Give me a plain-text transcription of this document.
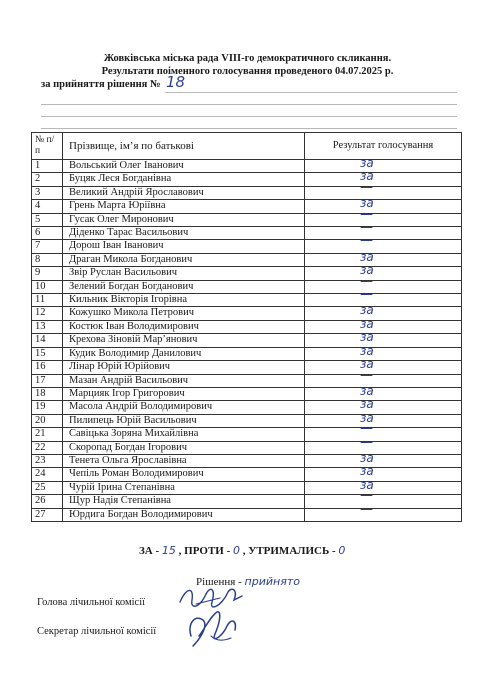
Жовківська міська рада VIII-го демократичного скликання.
Результати поіменного голосування проведеного 04.07.2025 р.
за прийняття рішення № 18
№ п/п	Прізвище, ім’я по батькові	Результат голосування
1	Вольський Олег Іванович	за

2	Буцяк Леся Богданівна	за

3	Великий Андрій Ярославович	—

4	Грень Марта Юріївна	за

5	Гусак Олег Миронович	—

6	Діденко Тарас Васильович	—

7	Дорош Іван Іванович	—

8	Драган Микола Богданович	за

9	Звір Руслан Васильович	за

10	Зелений Богдан Богданович	—

11	Кильник Вікторія Ігорівна	—

12	Кожушко Микола Петрович	за

13	Костюк Іван Володимирович	за

14	Крехова Зіновій Мар’янович	за

15	Кудик Володимир Данилович	за

16	Лінар Юрій Юрійович	за

17	Мазан Андрій Васильович	—

18	Марцияк Ігор Григорович	за

19	Масола Андрій Володимирович	за

20	Пилипець Юрій Васильович	за

21	Савіцька Зоряна Михайлівна	—

22	Скоропад Богдан Ігорович	—

23	Тенета Ольга Ярославівна	за

24	Чепіль Роман Володимирович	за

25	Чурій Ірина Степанівна	за

26	Щур Надія Степанівна	—

27	Юрдига Богдан Володимирович	—
ЗА - 15 , ПРОТИ - 0 , УТРИМАЛИСЬ - 0
Рішення - прийнято
Голова лічильної комісії
Секретар лічильної комісії
